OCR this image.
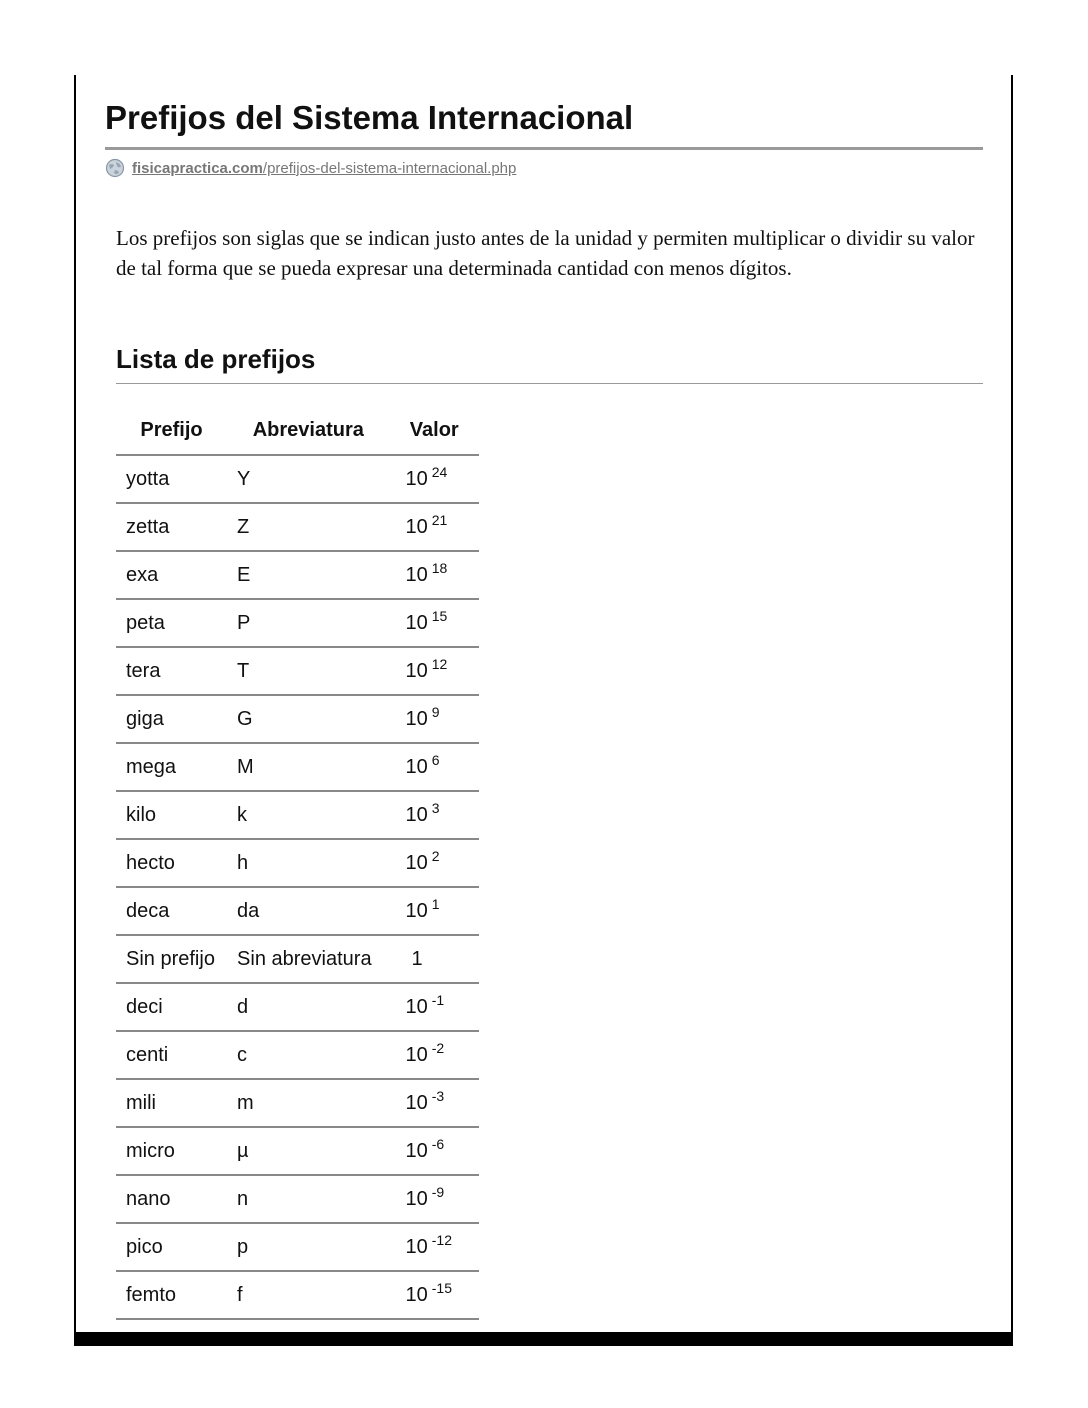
Prefijos del Sistema Internacional
fisicapractica.com/prefijos-del-sistema-internacional.php

Los prefijos son siglas que se indican justo antes de la unidad y permiten multiplicar o dividir su valor de tal forma que se pueda expresar una determinada cantidad con menos dígitos.

Lista de prefijos
Prefijo	Abreviatura	Valor
yotta	Y	10 $^{24}$
zetta	Z	10 $^{21}$
exa	E	10 $^{18}$
peta	P	10 $^{15}$
tera	T	10 $^{12}$
giga	G	10 $^9$
mega	M	10 $^6$
kilo	k	10 $^3$
hecto	h	10 $^2$
deca	da	10 $^1$
Sin prefijo	Sin abreviatura	1
deci	d	10 $^{-1}$
centi	c	10 $^{-2}$
mili	m	10 $^{-3}$
micro	µ	10 $^{-6}$
nano	n	10 $^{-9}$
pico	p	10 $^{-12}$
femto	f	10 $^{-15}$
